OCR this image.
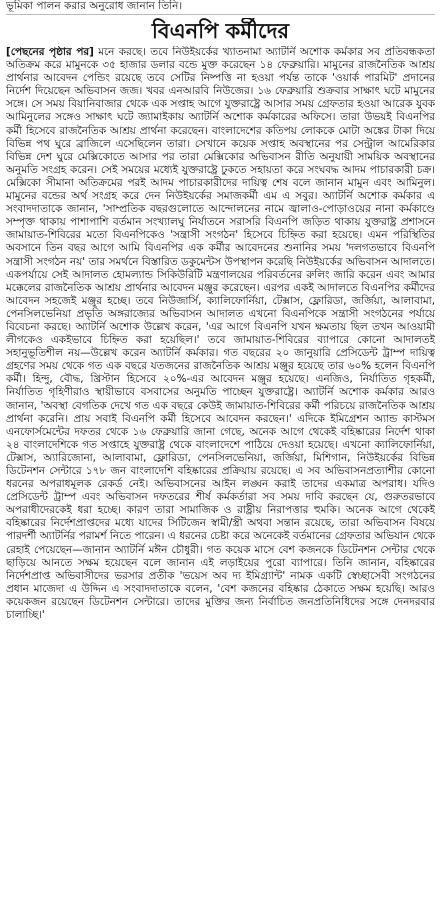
ভূমিকা পালন করার অনুরোধ জানান তিনি।
বিএনপি কর্মীদের
[পেছনের পৃষ্ঠার পর] মনে করছে। তবে নিউইয়র্কের খ্যাতনামা অ্যাটর্নি অশোক কর্মকার সব প্রতিবন্ধকতা অতিক্রম করে মামুনকে ৩৫ হাজার ডলার বন্ডে মুক্ত করেছেন ১৪ ফেব্রুয়ারি। মামুনের রাজনৈতিক আশ্রয় প্রার্থনার আবেদন পেন্ডিং রয়েছে তবে সেটির নিষ্পত্তি না হওয়া পর্যন্ত তাকে 'ওয়ার্ক পারমিট' প্রদানের নির্দেশ দিয়েছেন অভিবাসন জজ। খবর এনআরবি নিউজের। ১৬ ফেব্রুয়ারি শুক্রবার সাক্ষাৎ ঘটে মামুনের সঙ্গে। সে সময় বিয়ানিবাজার থেকে এক সপ্তাহ আগে যুক্তরাষ্ট্রে আসার সময় গ্রেফতার হওয়া আরেক যুবক আমিনুলের সঙ্গেও সাক্ষাৎ ঘটে জ্যামাইকায় অ্যাটর্নি অশোক কর্মকারের অফিসে। তারা উভয়ই বিএনপির কর্মী হিসেবে রাজনৈতিক আশ্রয় প্রার্থনা করেছেন। বাংলাদেশের কতিপয় লোককে মোটা অঙ্কের টাকা দিয়ে বিভিন্ন পথ ঘুরে ব্রাজিলে এসেছিলেন তারা। সেখানে কয়েক সপ্তাহ অবস্থানের পর সেন্ট্রাল আমেরিকার বিভিন্ন দেশ ঘুরে মেক্সিকোতে আসার পর তারা মেক্সিকোর অভিবাসন রীতি অনুযায়ী সাময়িক অবস্থানের অনুমতি সংগ্রহ করেন। সেই সময়ের মধ্যেই যুক্তরাষ্ট্রে ঢুকতে সহায়তা করে সংঘবদ্ধ আদম পাচারকারী চক্র। মেক্সিকো সীমানা অতিক্রমের পরই আদম পাচারকারীদের দায়িত্ব শেষ বলে জানান মামুন এবং আমিনুল। মামুনের বন্ডের অর্থ সংগ্রহ করে দেন নিউইয়র্কের সমাজকর্মী এম এ সবুর। অ্যাটর্নি অশোক কর্মকার এ সংবাদদাতাকে জানান, 'সাম্প্রতিক বছরগুলোতে আন্দোলনের নামে জ্বালাও-পোড়াওয়ের নানা কর্মকাণ্ডে সম্পৃক্ত থাকায় পাশাপাশি বর্তমান সংখ্যালঘু নির্যাতনে সরাসরি বিএনপি জড়িত থাকায় যুক্তরাষ্ট্র প্রশাসনে জামায়াত-শিবিরের মতো বিএনপিকেও 'সন্ত্রাসী সংগঠন' হিসেবে চিহ্নিত করা হয়েছে। এমন পরিস্থিতির অবসানে তিন বছর আগে আমি বিএনপির এক কর্মীর আবেদনের শুনানির সময় 'দলগতভাবে বিএনপি সন্ত্রাসী সংগঠন নয়' তার সমর্থনে বিস্তারিত ডকুমেন্টস উপস্থাপন করেছি নিউইয়র্কের অভিবাসন আদালতে। একপর্যায়ে সেই আদালত হোমল্যান্ড সিকিউরিটি মন্ত্রণালয়ের পরিবর্তনের রুলিং জারি করেন এবং আমার মক্কেলের রাজনৈতিক আশ্রয় প্রার্থনার আবেদন মঞ্জুর করেছেন। এরপর একই আদালতে বিএনপির কর্মীদের আবেদন সহজেই মঞ্জুর হচ্ছে। তবে নিউজার্সি, ক্যালিফোর্নিয়া, টেক্সাস, ফ্লোরিডা, জর্জিয়া, আলাবামা, পেনসিলভেনিয়া প্রভৃতি অঙ্গরাজ্যের অভিবাসন আদালত এখনো বিএনপিকে সন্ত্রাসী সংগঠনের পর্যায়ে বিবেচনা করছে। অ্যাটর্নি অশোক উল্লেখ করেন, 'এর আগে বিএনপি যখন ক্ষমতায় ছিল তখন আওয়ামী লীগকেও একইভাবে চিহ্নিত করা হয়েছিল।' তবে জামায়াত-শিবিরের ব্যাপারে কোনো আদালতই সহানুভূতিশীল নয়—উল্লেখ করেন অ্যাটর্নি কর্মকার। গত বছরের ২০ জানুয়ারি প্রেসিডেন্ট ট্রাম্প দায়িত্ব গ্রহণের সময় থেকে গত এক বছরে যতজনের রাজনৈতিক আশ্রয় মঞ্জুর হয়েছে তার ৬০% হলেন বিএনপি কর্মী। হিন্দু, বৌদ্ধ, খ্রিস্টান হিসেবে ২০%-এর আবেদন মঞ্জুর হয়েছে। এনজিও, নির্যাতিত গৃহকর্মী, নির্যাতিত গৃহিণীরাও স্থায়ীভাবে বসবাসের অনুমতি পাচ্ছেন যুক্তরাষ্ট্রে। অ্যাটর্নি অশোক কর্মকার আরও জানান, 'অবস্থা বেগতিক দেখে গত এক বছরে কেউই জামায়াত-শিবিরের কর্মী পরিচয়ে রাজনৈতিক আশ্রয় প্রার্থনা করেনি। প্রায় সবাই বিএনপি কর্মী হিসেবে আবেদন করছেন।' এদিকে ইমিগ্রেশন অ্যান্ড কাস্টমস এনফোর্সমেন্টের দফতর থেকে ১৬ ফেব্রুয়ারি জানা গেছে, অনেক আগে থেকেই বহিষ্কারের নির্দেশ থাকা ২৪ বাংলাদেশিকে গত সপ্তাহে যুক্তরাষ্ট্র থেকে বাংলাদেশে পাঠিয়ে দেওয়া হয়েছে। এখনো ক্যালিফোর্নিয়া, টেক্সাস, অ্যারিজোনা, আলাবামা, ফ্লোরিডা, পেনসিলভেনিয়া, জর্জিয়া, মিশিগান, নিউইয়র্কের বিভিন্ন ডিটেনশন সেন্টারে ১৭৮ জন বাংলাদেশি বহিষ্কারের প্রক্রিয়ায় রয়েছে। এ সব অভিবাসনপ্রত্যাশীর কোনো ধরনের অপরাধমূলক রেকর্ড নেই। অভিবাসনের আইন লঙ্ঘন করাই তাদের একমাত্র অপরাধ। যদিও প্রেসিডেন্ট ট্রাম্প এবং অভিবাসন দফতরের শীর্ষ কর্মকর্তারা সব সময় দাবি করছেন যে, গুরুতরভাবে অপরাধীদেরকেই ধরা হচ্ছে। কারণ তারা সামাজিক ও রাষ্ট্রীয় নিরাপত্তার হুমকি। অনেক আগে থেকেই বহিষ্কারের নির্দেশপ্রাপ্তদের মধ্যে যাদের সিটিজেন স্বামী/স্ত্রী অথবা সন্তান রয়েছে, তারা অভিবাসন বিষয়ে পারদর্শী অ্যাটর্নির পরামর্শ নিতে পারেন। এ ধরনের চেষ্টা করে অনেকেই বর্তমানের গ্রেফতার অভিযান থেকে রেহাই পেয়েছেন—জানান অ্যাটর্নি মঈন চৌধুরী। গত কয়েক মাসে বেশ কজনকে ডিটেনশন সেন্টার থেকে ছাড়িয়ে আনতে সক্ষম হয়েছেন বলে জানান এই লড়াইয়ের পুরো ব্যাপারে। তিনি জানান, বহিষ্কারের নির্দেশপ্রাপ্ত অভিবাসীদের ভরসার প্রতীক 'ভয়েস অব দ্য ইমিগ্র্যান্ট' নামক একটি স্বেচ্ছাসেবী সংগঠনের প্রধান মাজেদা এ উদ্দিন এ সংবাদদাতাকে বলেন, 'বেশ কজনের বহিষ্কার ঠেকাতে সক্ষম হয়েছি। আরও কয়েকজন রয়েছেন ডিটেনশন সেন্টারে। তাদের মুক্তির জন্য নির্বাচিত জনপ্রতিনিধিদের সঙ্গে দেনদরবার চালাচ্ছি।'
